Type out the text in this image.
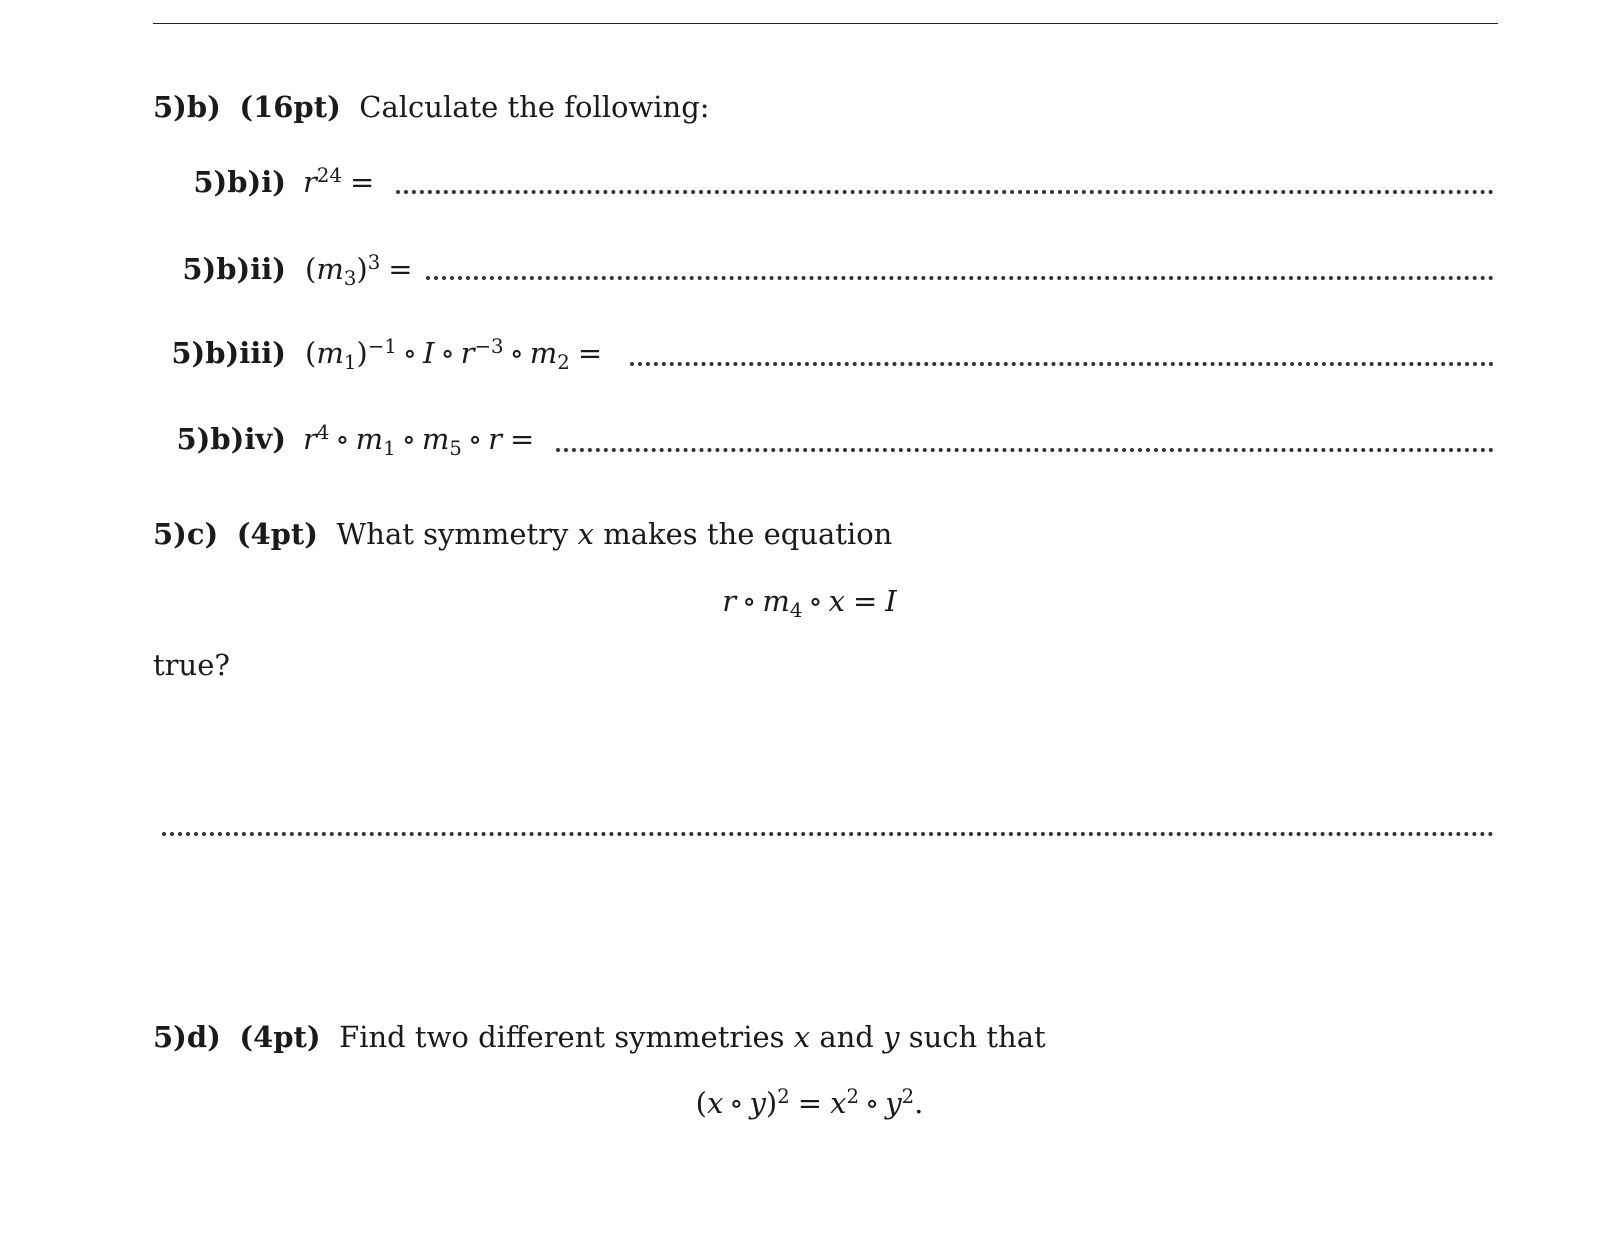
5)b) (16pt) Calculate the following:
5)b)i) $r^{24}$ =
5)b)ii) $(m_3)^3$ =
5)b)iii) $(m_1)^{-1}$ ∘ I ∘ $r^{-3}$ ∘ $m_2$ =
5)b)iv) $r^4$ ∘ $m_1$ ∘ $m_5$ ∘ r =
5)c) (4pt) What symmetry x makes the equation
r ∘ $m_4$ ∘ x = I
true?
5)d) (4pt) Find two different symmetries x and y such that
(x ∘ $y)^2 = x^2$ ∘ $y^2$.
